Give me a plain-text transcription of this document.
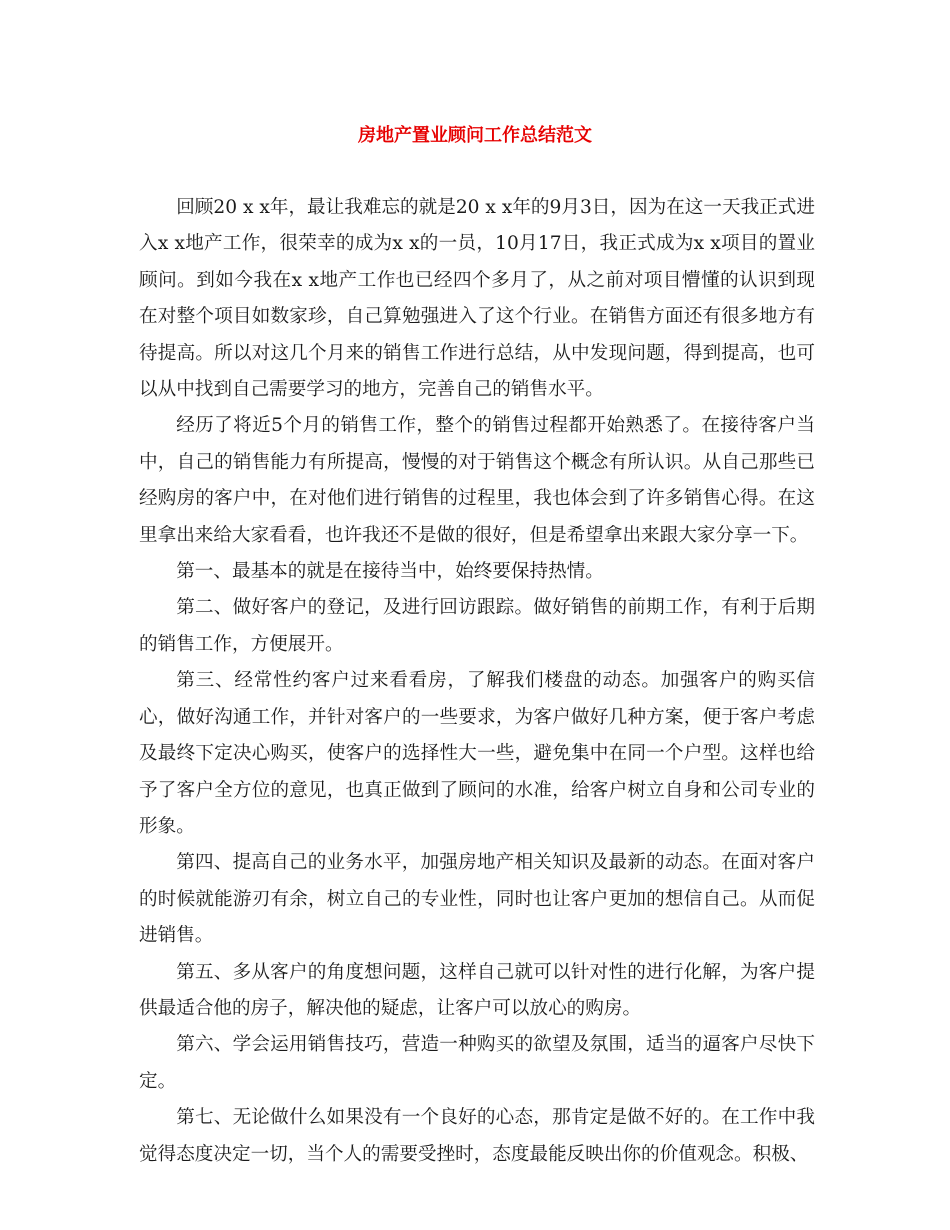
房地产置业顾问工作总结范文

回顾20 x x年，最让我难忘的就是20 x x年的9月3日，因为在这一天我正式进入x x地产工作，很荣幸的成为x x的一员，10月17日，我正式成为x x项目的置业顾问。到如今我在x x地产工作也已经四个多月了，从之前对项目懵懂的认识到现在对整个项目如数家珍，自己算勉强进入了这个行业。在销售方面还有很多地方有待提高。所以对这几个月来的销售工作进行总结，从中发现问题，得到提高，也可以从中找到自己需要学习的地方，完善自己的销售水平。

经历了将近5个月的销售工作，整个的销售过程都开始熟悉了。在接待客户当中，自己的销售能力有所提高，慢慢的对于销售这个概念有所认识。从自己那些已经购房的客户中，在对他们进行销售的过程里，我也体会到了许多销售心得。在这里拿出来给大家看看，也许我还不是做的很好，但是希望拿出来跟大家分享一下。

第一、最基本的就是在接待当中，始终要保持热情。

第二、做好客户的登记，及进行回访跟踪。做好销售的前期工作，有利于后期的销售工作，方便展开。

第三、经常性约客户过来看看房，了解我们楼盘的动态。加强客户的购买信心，做好沟通工作，并针对客户的一些要求，为客户做好几种方案，便于客户考虑及最终下定决心购买，使客户的选择性大一些，避免集中在同一个户型。这样也给予了客户全方位的意见，也真正做到了顾问的水准，给客户树立自身和公司专业的形象。

第四、提高自己的业务水平，加强房地产相关知识及最新的动态。在面对客户的时候就能游刃有余，树立自己的专业性，同时也让客户更加的想信自己。从而促进销售。

第五、多从客户的角度想问题，这样自己就可以针对性的进行化解，为客户提供最适合他的房子，解决他的疑虑，让客户可以放心的购房。

第六、学会运用销售技巧，营造一种购买的欲望及氛围，适当的逼客户尽快下定。

第七、无论做什么如果没有一个良好的心态，那肯定是做不好的。在工作中我觉得态度决定一切，当个人的需要受挫时，态度最能反映出你的价值观念。积极、
